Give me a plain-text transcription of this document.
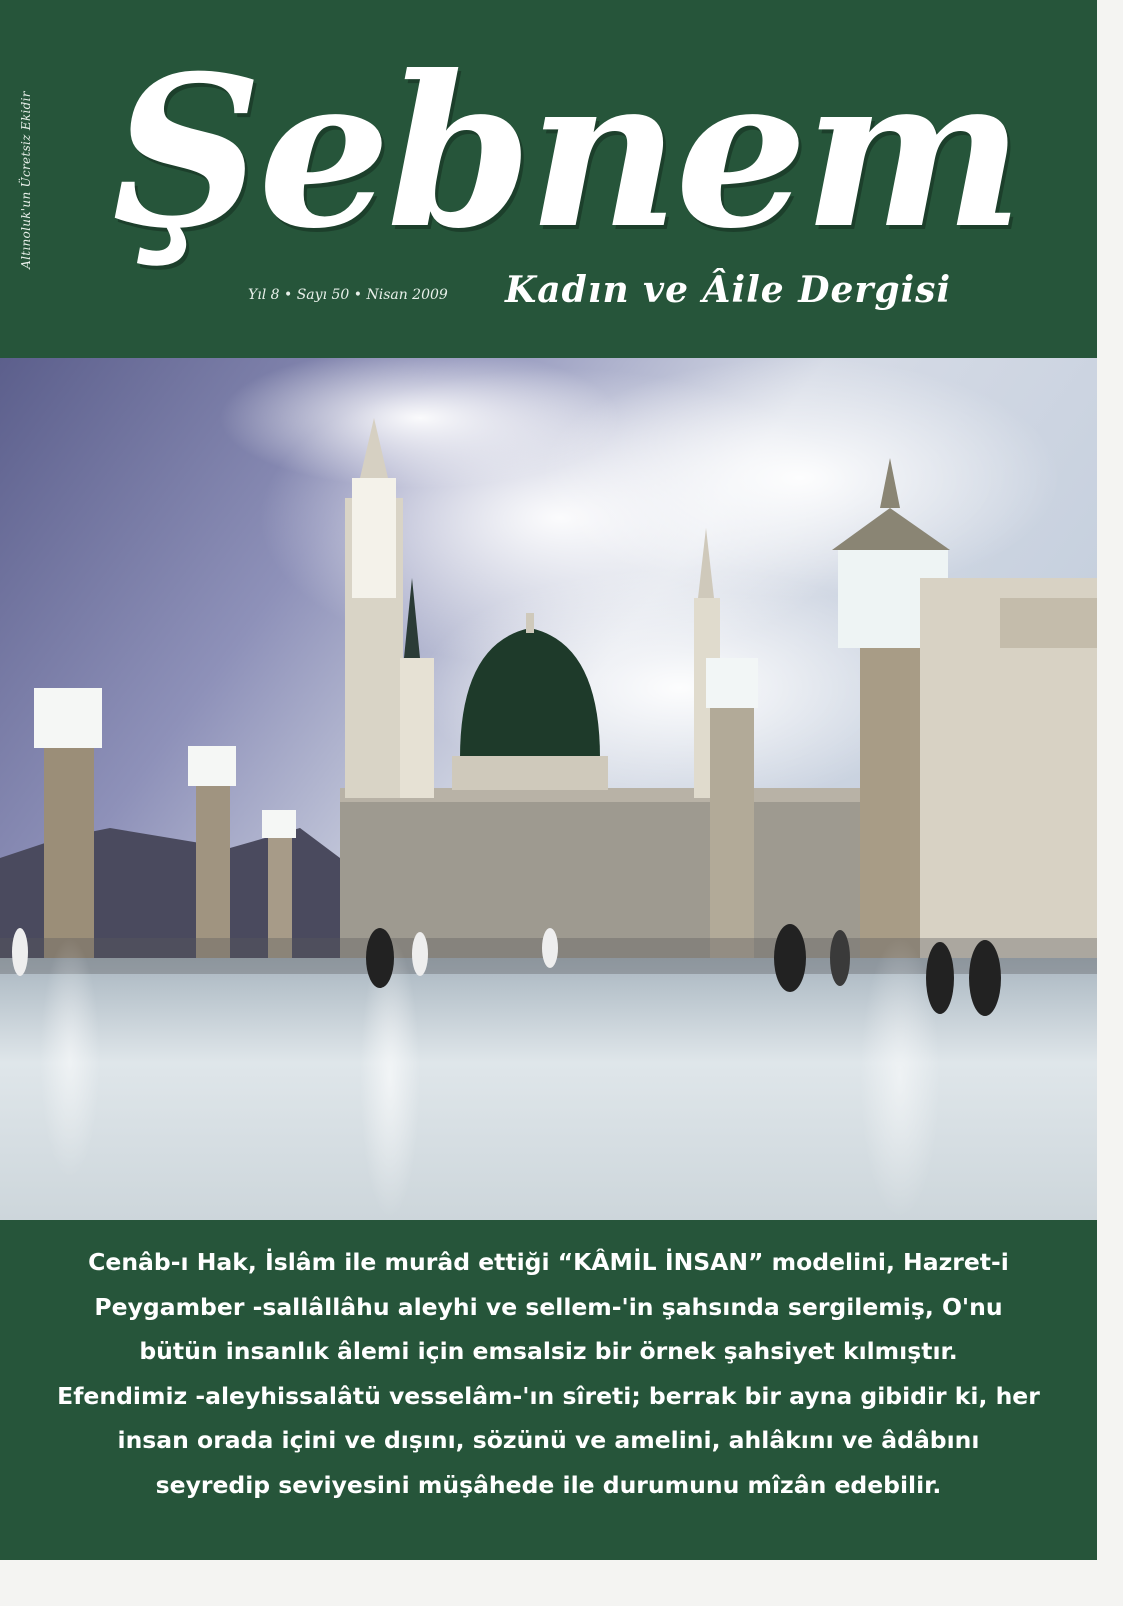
Altınoluk'un Ücretsiz Ekidir Şebnem
Yıl 8 • Sayı 50 • Nisan 2009 Kadın ve Âile Dergisi
Cenâb-ı Hak, İslâm ile murâd ettiği “KÂMİL İNSAN” modelini, Hazret-i
Peygamber -sallâllâhu aleyhi ve sellem-'in şahsında sergilemiş, O'nu
bütün insanlık âlemi için emsalsiz bir örnek şahsiyet kılmıştır.
Efendimiz -aleyhissalâtü vesselâm-'ın sîreti; berrak bir ayna gibidir ki, her
insan orada içini ve dışını, sözünü ve amelini, ahlâkını ve âdâbını
seyredip seviyesini müşâhede ile durumunu mîzân edebilir.
